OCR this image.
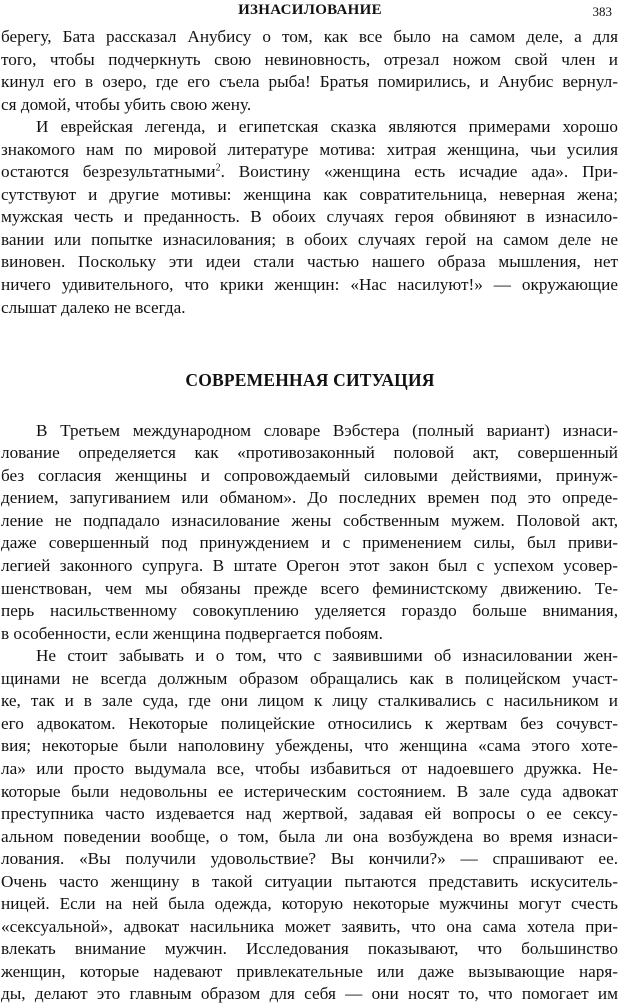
ИЗНАСИЛОВАНИЕ	383
берегу, Бата рассказал Анубису о том, как все было на самом деле, а для
того, чтобы подчеркнуть свою невиновность, отрезал ножом свой член и
кинул его в озеро, где его съела рыба! Братья помирились, и Анубис вернул-
ся домой, чтобы убить свою жену.
И еврейская легенда, и египетская сказка являются примерами хорошо
знакомого нам по мировой литературе мотива: хитрая женщина, чьи усилия
остаются безрезультатными$^2$. Воистину «женщина есть исчадие ада». При-
сутствуют и другие мотивы: женщина как совратительница, неверная жена;
мужская честь и преданность. В обоих случаях героя обвиняют в изнасило-
вании или попытке изнасилования; в обоих случаях герой на самом деле не
виновен. Поскольку эти идеи стали частью нашего образа мышления, нет
ничего удивительного, что крики женщин: «Нас насилуют!» — окружающие
слышат далеко не всегда.
СОВРЕМЕННАЯ СИТУАЦИЯ
В Третьем международном словаре Вэбстера (полный вариант) изнаси-
лование определяется как «противозаконный половой акт, совершенный
без согласия женщины и сопровождаемый силовыми действиями, принуж-
дением, запугиванием или обманом». До последних времен под это опреде-
ление не подпадало изнасилование жены собственным мужем. Половой акт,
даже совершенный под принуждением и с применением силы, был приви-
легией законного супруга. В штате Орегон этот закон был с успехом усовер-
шенствован, чем мы обязаны прежде всего феминистскому движению. Те-
перь насильственному совокуплению уделяется гораздо больше внимания,
в особенности, если женщина подвергается побоям.
Не стоит забывать и о том, что с заявившими об изнасиловании жен-
щинами не всегда должным образом обращались как в полицейском участ-
ке, так и в зале суда, где они лицом к лицу сталкивались с насильником и
его адвокатом. Некоторые полицейские относились к жертвам без сочувст-
вия; некоторые были наполовину убеждены, что женщина «сама этого хоте-
ла» или просто выдумала все, чтобы избавиться от надоевшего дружка. Не-
которые были недовольны ее истерическим состоянием. В зале суда адвокат
преступника часто издевается над жертвой, задавая ей вопросы о ее сексу-
альном поведении вообще, о том, была ли она возбуждена во время изнаси-
лования. «Вы получили удовольствие? Вы кончили?» — спрашивают ее.
Очень часто женщину в такой ситуации пытаются представить искуситель-
ницей. Если на ней была одежда, которую некоторые мужчины могут счесть
«сексуальной», адвокат насильника может заявить, что она сама хотела при-
влекать внимание мужчин. Исследования показывают, что большинство
женщин, которые надевают привлекательные или даже вызывающие наря-
ды, делают это главным образом для себя — они носят то, что помогает им
